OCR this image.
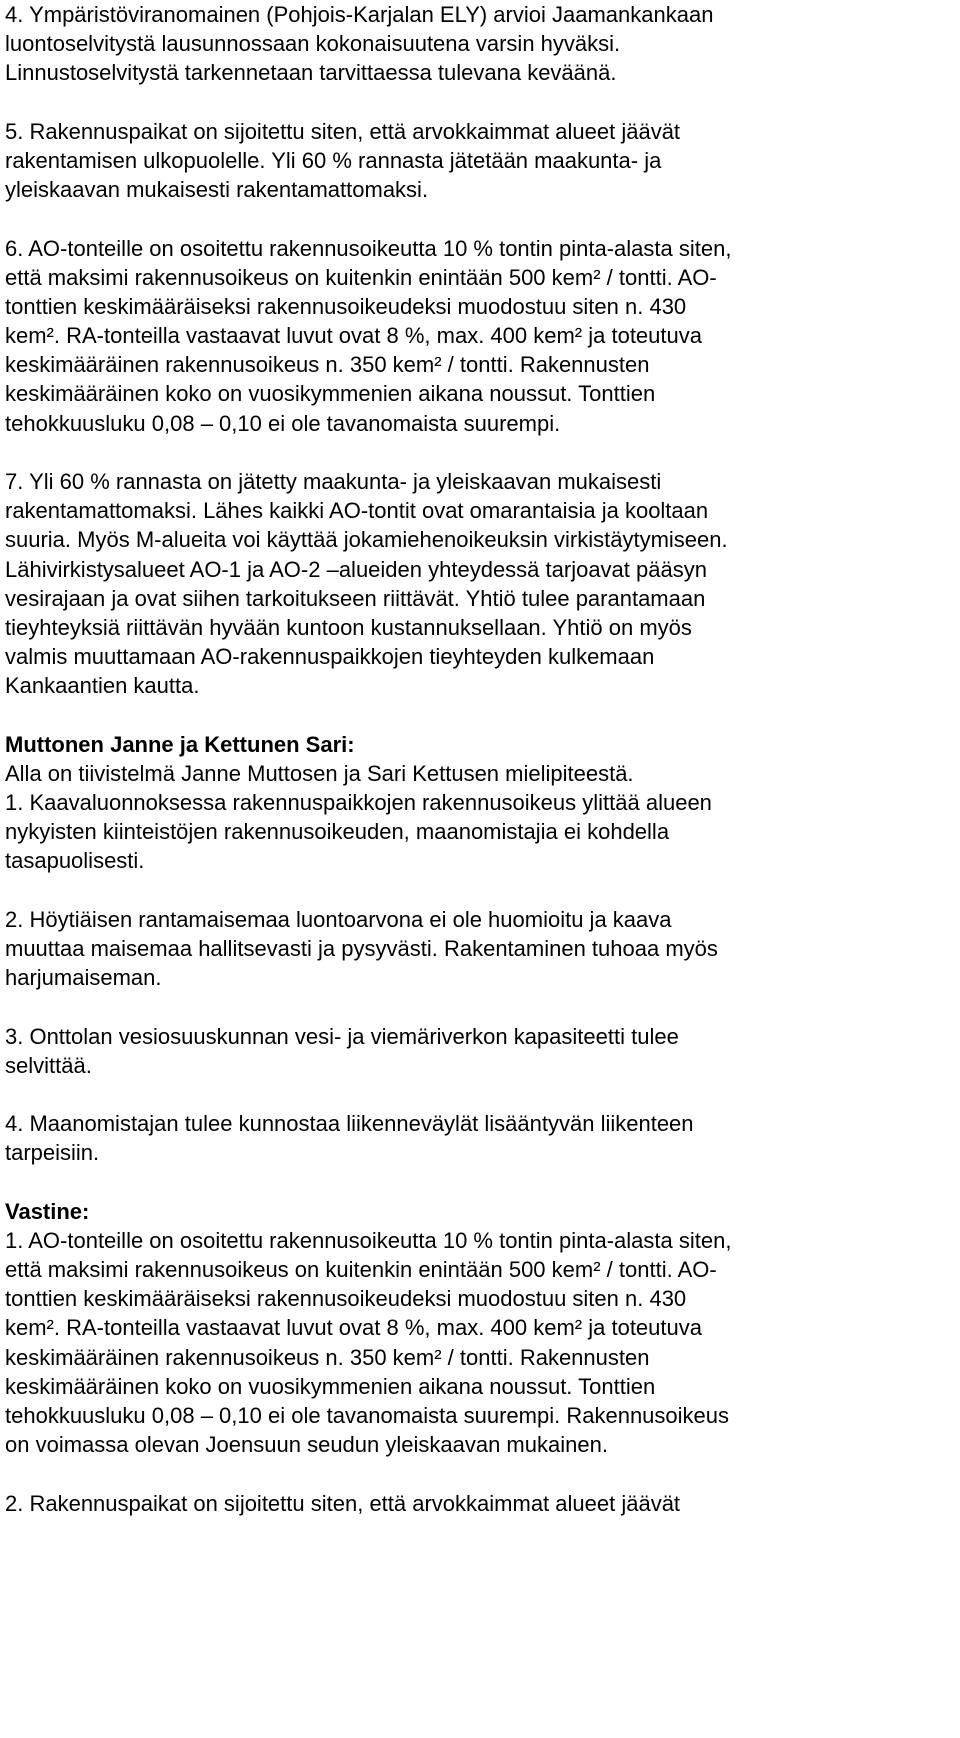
4. Ympäristöviranomainen (Pohjois-Karjalan ELY) arvioi Jaamankankaan
luontoselvitystä lausunnossaan kokonaisuutena varsin hyväksi.
Linnustoselvitystä tarkennetaan tarvittaessa tulevana keväänä.
5. Rakennuspaikat on sijoitettu siten, että arvokkaimmat alueet jäävät
rakentamisen ulkopuolelle. Yli 60 % rannasta jätetään maakunta- ja
yleiskaavan mukaisesti rakentamattomaksi.
6. AO-tonteille on osoitettu rakennusoikeutta 10 % tontin pinta-alasta siten,
että maksimi rakennusoikeus on kuitenkin enintään 500 kem² / tontti. AO-
tonttien keskimääräiseksi rakennusoikeudeksi muodostuu siten n. 430
kem². RA-tonteilla vastaavat luvut ovat 8 %, max. 400 kem² ja toteutuva
keskimääräinen rakennusoikeus n. 350 kem² / tontti. Rakennusten
keskimääräinen koko on vuosikymmenien aikana noussut. Tonttien
tehokkuusluku 0,08 – 0,10 ei ole tavanomaista suurempi.
7. Yli 60 % rannasta on jätetty maakunta- ja yleiskaavan mukaisesti
rakentamattomaksi. Lähes kaikki AO-tontit ovat omarantaisia ja kooltaan
suuria. Myös M-alueita voi käyttää jokamiehenoikeuksin virkistäytymiseen.
Lähivirkistysalueet AO-1 ja AO-2 –alueiden yhteydessä tarjoavat pääsyn
vesirajaan ja ovat siihen tarkoitukseen riittävät. Yhtiö tulee parantamaan
tieyhteyksiä riittävän hyvään kuntoon kustannuksellaan. Yhtiö on myös
valmis muuttamaan AO-rakennuspaikkojen tieyhteyden kulkemaan
Kankaantien kautta.
Muttonen Janne ja Kettunen Sari:
Alla on tiivistelmä Janne Muttosen ja Sari Kettusen mielipiteestä.
1. Kaavaluonnoksessa rakennuspaikkojen rakennusoikeus ylittää alueen
nykyisten kiinteistöjen rakennusoikeuden, maanomistajia ei kohdella
tasapuolisesti.
2. Höytiäisen rantamaisemaa luontoarvona ei ole huomioitu ja kaava
muuttaa maisemaa hallitsevasti ja pysyvästi. Rakentaminen tuhoaa myös
harjumaiseman.
3. Onttolan vesiosuuskunnan vesi- ja viemäriverkon kapasiteetti tulee
selvittää.
4. Maanomistajan tulee kunnostaa liikenneväylät lisääntyvän liikenteen
tarpeisiin.
Vastine:
1. AO-tonteille on osoitettu rakennusoikeutta 10 % tontin pinta-alasta siten,
että maksimi rakennusoikeus on kuitenkin enintään 500 kem² / tontti. AO-
tonttien keskimääräiseksi rakennusoikeudeksi muodostuu siten n. 430
kem². RA-tonteilla vastaavat luvut ovat 8 %, max. 400 kem² ja toteutuva
keskimääräinen rakennusoikeus n. 350 kem² / tontti. Rakennusten
keskimääräinen koko on vuosikymmenien aikana noussut. Tonttien
tehokkuusluku 0,08 – 0,10 ei ole tavanomaista suurempi. Rakennusoikeus
on voimassa olevan Joensuun seudun yleiskaavan mukainen.
2. Rakennuspaikat on sijoitettu siten, että arvokkaimmat alueet jäävät
